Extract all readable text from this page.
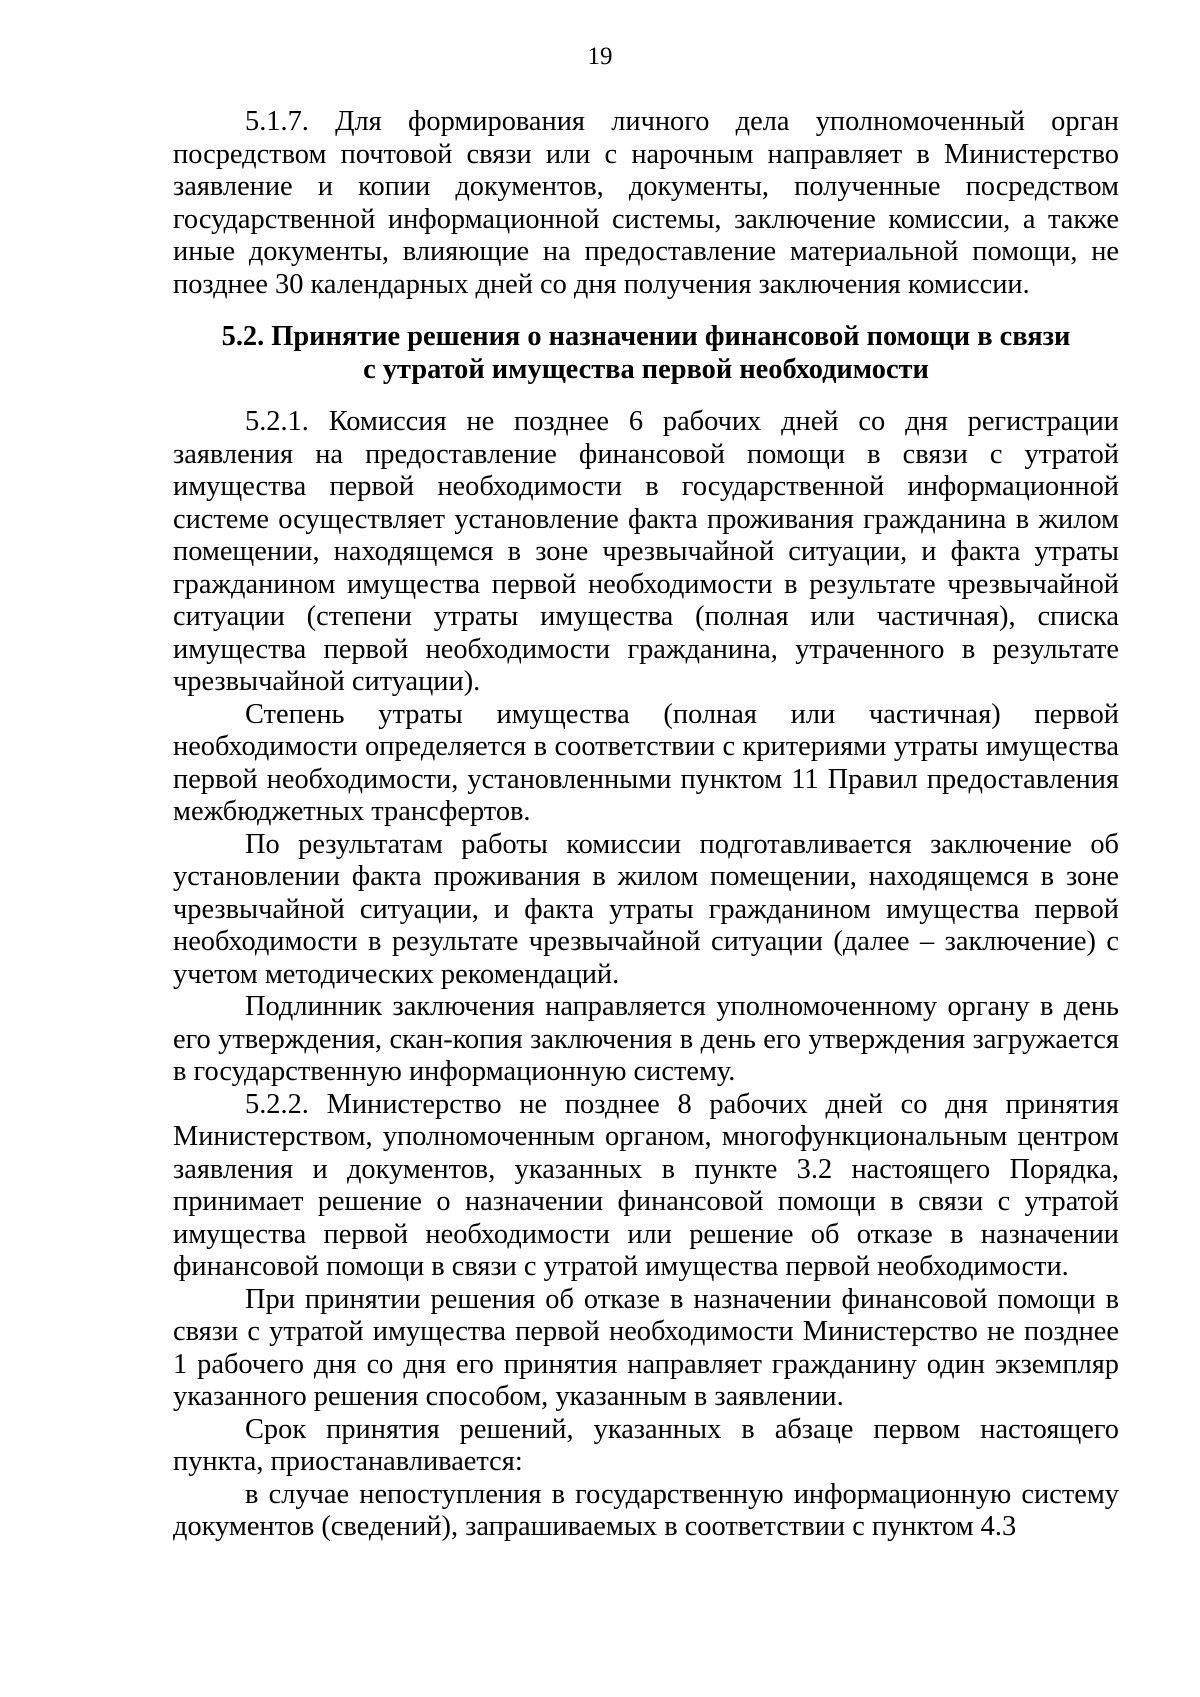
19

5.1.7. Для формирования личного дела уполномоченный орган посредством почтовой связи или с нарочным направляет в Министерство заявление и копии документов, документы, полученные посредством государственной информационной системы, заключение комиссии, а также иные документы, влияющие на предоставление материальной помощи, не позднее 30 календарных дней со дня получения заключения комиссии.

5.2. Принятие решения о назначении финансовой помощи в связи
с утратой имущества первой необходимости

5.2.1. Комиссия не позднее 6 рабочих дней со дня регистрации заявления на предоставление финансовой помощи в связи с утратой имущества первой необходимости в государственной информационной системе осуществляет установление факта проживания гражданина в жилом помещении, находящемся в зоне чрезвычайной ситуации, и факта утраты гражданином имущества первой необходимости в результате чрезвычайной ситуации (степени утраты имущества (полная или частичная), списка имущества первой необходимости гражданина, утраченного в результате чрезвычайной ситуации).

Степень утраты имущества (полная или частичная) первой необходимости определяется в соответствии с критериями утраты имущества первой необходимости, установленными пунктом 11 Правил предоставления межбюджетных трансфертов.

По результатам работы комиссии подготавливается заключение об установлении факта проживания в жилом помещении, находящемся в зоне чрезвычайной ситуации, и факта утраты гражданином имущества первой необходимости в результате чрезвычайной ситуации (далее – заключение) с учетом методических рекомендаций.

Подлинник заключения направляется уполномоченному органу в день его утверждения, скан-копия заключения в день его утверждения загружается в государственную информационную систему.

5.2.2. Министерство не позднее 8 рабочих дней со дня принятия Министерством, уполномоченным органом, многофункциональным центром заявления и документов, указанных в пункте 3.2 настоящего Порядка, принимает решение о назначении финансовой помощи в связи с утратой имущества первой необходимости или решение об отказе в назначении финансовой помощи в связи с утратой имущества первой необходимости.

При принятии решения об отказе в назначении финансовой помощи в связи с утратой имущества первой необходимости Министерство не позднее 1 рабочего дня со дня его принятия направляет гражданину один экземпляр указанного решения способом, указанным в заявлении.

Срок принятия решений, указанных в абзаце первом настоящего пункта, приостанавливается:

в случае непоступления в государственную информационную систему документов (сведений), запрашиваемых в соответствии с пунктом 4.3
